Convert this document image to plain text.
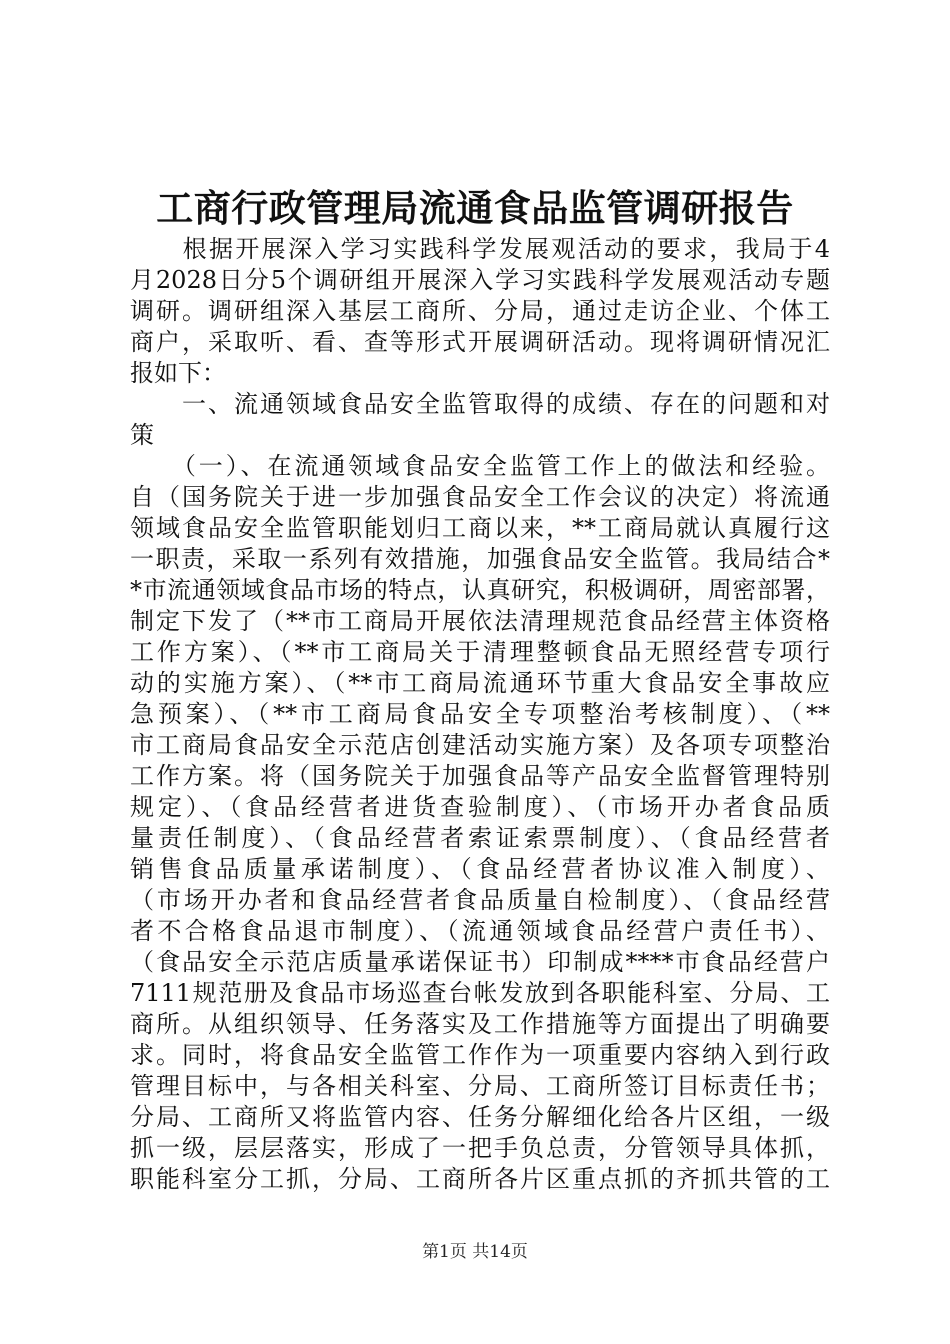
工商行政管理局流通食品监管调研报告
　　根据开展深入学习实践科学发展观活动的要求，我局于4
月2028日分5个调研组开展深入学习实践科学发展观活动专题
调研。调研组深入基层工商所、分局，通过走访企业、个体工
商户，采取听、看、查等形式开展调研活动。现将调研情况汇
报如下：
　　一、流通领域食品安全监管取得的成绩、存在的问题和对
策
　　（一）、在流通领域食品安全监管工作上的做法和经验。
自（国务院关于进一步加强食品安全工作会议的决定）将流通
领域食品安全监管职能划归工商以来，**工商局就认真履行这
一职责，采取一系列有效措施，加强食品安全监管。我局结合*
*市流通领域食品市场的特点，认真研究，积极调研，周密部署，
制定下发了（**市工商局开展依法清理规范食品经营主体资格
工作方案）、（**市工商局关于清理整顿食品无照经营专项行
动的实施方案）、（**市工商局流通环节重大食品安全事故应
急预案）、（**市工商局食品安全专项整治考核制度）、（**
市工商局食品安全示范店创建活动实施方案）及各项专项整治
工作方案。将（国务院关于加强食品等产品安全监督管理特别
规定）、（食品经营者进货查验制度）、（市场开办者食品质
量责任制度）、（食品经营者索证索票制度）、（食品经营者
销售食品质量承诺制度）、（食品经营者协议准入制度）、
（市场开办者和食品经营者食品质量自检制度）、（食品经营
者不合格食品退市制度）、（流通领域食品经营户责任书）、
（食品安全示范店质量承诺保证书）印制成****市食品经营户
7111规范册及食品市场巡查台帐发放到各职能科室、分局、工
商所。从组织领导、任务落实及工作措施等方面提出了明确要
求。同时，将食品安全监管工作作为一项重要内容纳入到行政
管理目标中，与各相关科室、分局、工商所签订目标责任书；
分局、工商所又将监管内容、任务分解细化给各片区组，一级
抓一级，层层落实，形成了一把手负总责，分管领导具体抓，
职能科室分工抓，分局、工商所各片区重点抓的齐抓共管的工
第1页 共14页
